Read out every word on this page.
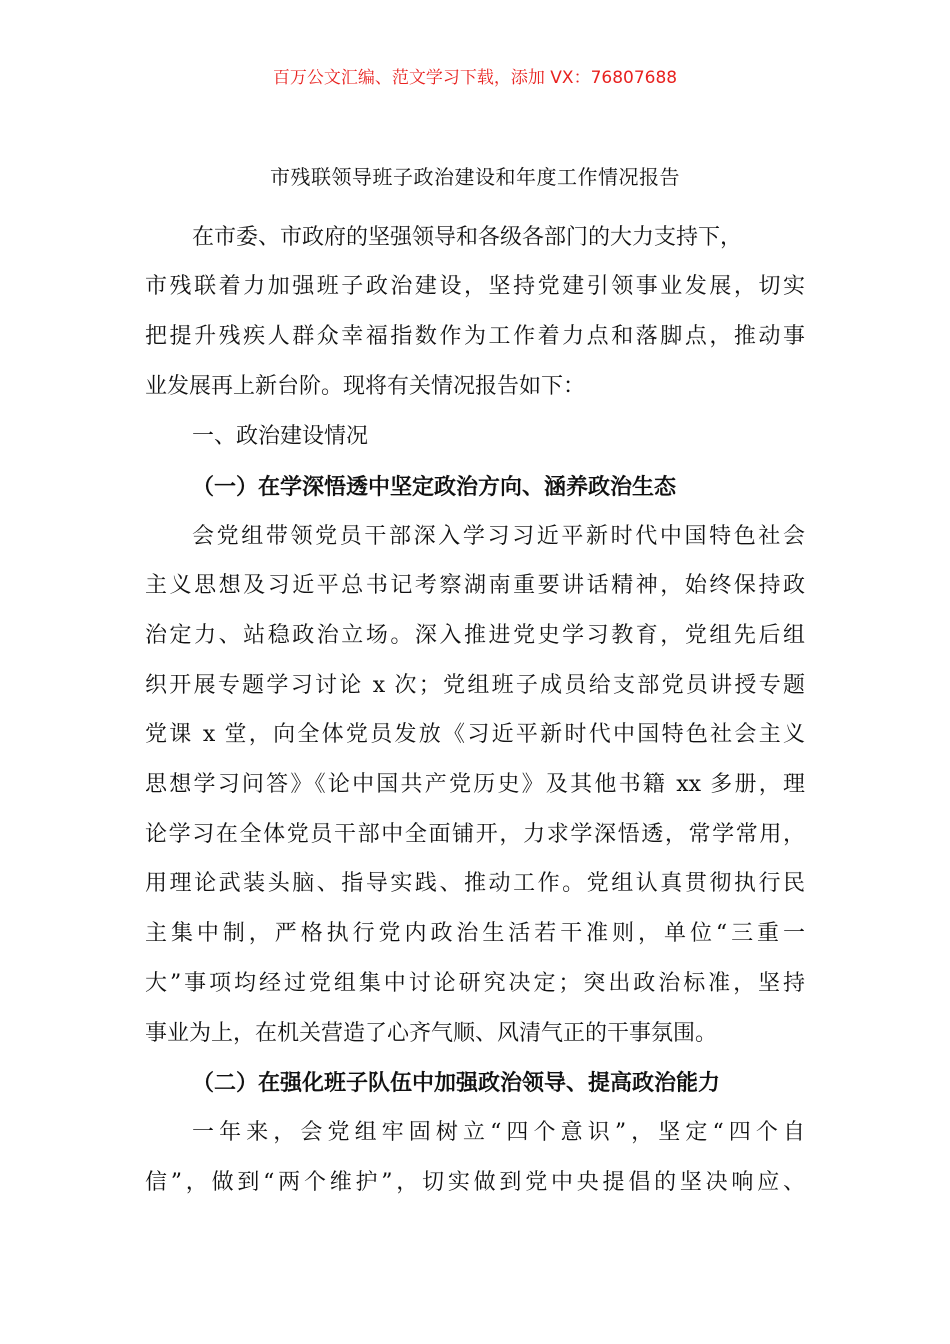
百万公文汇编、范文学习下载，添加 VX：76807688
市残联领导班子政治建设和年度工作情况报告
在市委、市政府的坚强领导和各级各部门的大力支持下，
市残联着力加强班子政治建设，坚持党建引领事业发展，切实
把提升残疾人群众幸福指数作为工作着力点和落脚点，推动事
业发展再上新台阶。现将有关情况报告如下：
一、政治建设情况
（一）在学深悟透中坚定政治方向、涵养政治生态
会党组带领党员干部深入学习习近平新时代中国特色社会
主义思想及习近平总书记考察湖南重要讲话精神，始终保持政
治定力、站稳政治立场。深入推进党史学习教育，党组先后组
织开展专题学习讨论 x 次；党组班子成员给支部党员讲授专题
党课 x 堂，向全体党员发放《习近平新时代中国特色社会主义
思想学习问答》《论中国共产党历史》及其他书籍 xx 多册，理
论学习在全体党员干部中全面铺开，力求学深悟透，常学常用，
用理论武装头脑、指导实践、推动工作。党组认真贯彻执行民
主集中制，严格执行党内政治生活若干准则，单位“三重一
大”事项均经过党组集中讨论研究决定；突出政治标准，坚持
事业为上，在机关营造了心齐气顺、风清气正的干事氛围。
（二）在强化班子队伍中加强政治领导、提高政治能力
一年来，会党组牢固树立“四个意识”，坚定“四个自
信”，做到“两个维护”，切实做到党中央提倡的坚决响应、
